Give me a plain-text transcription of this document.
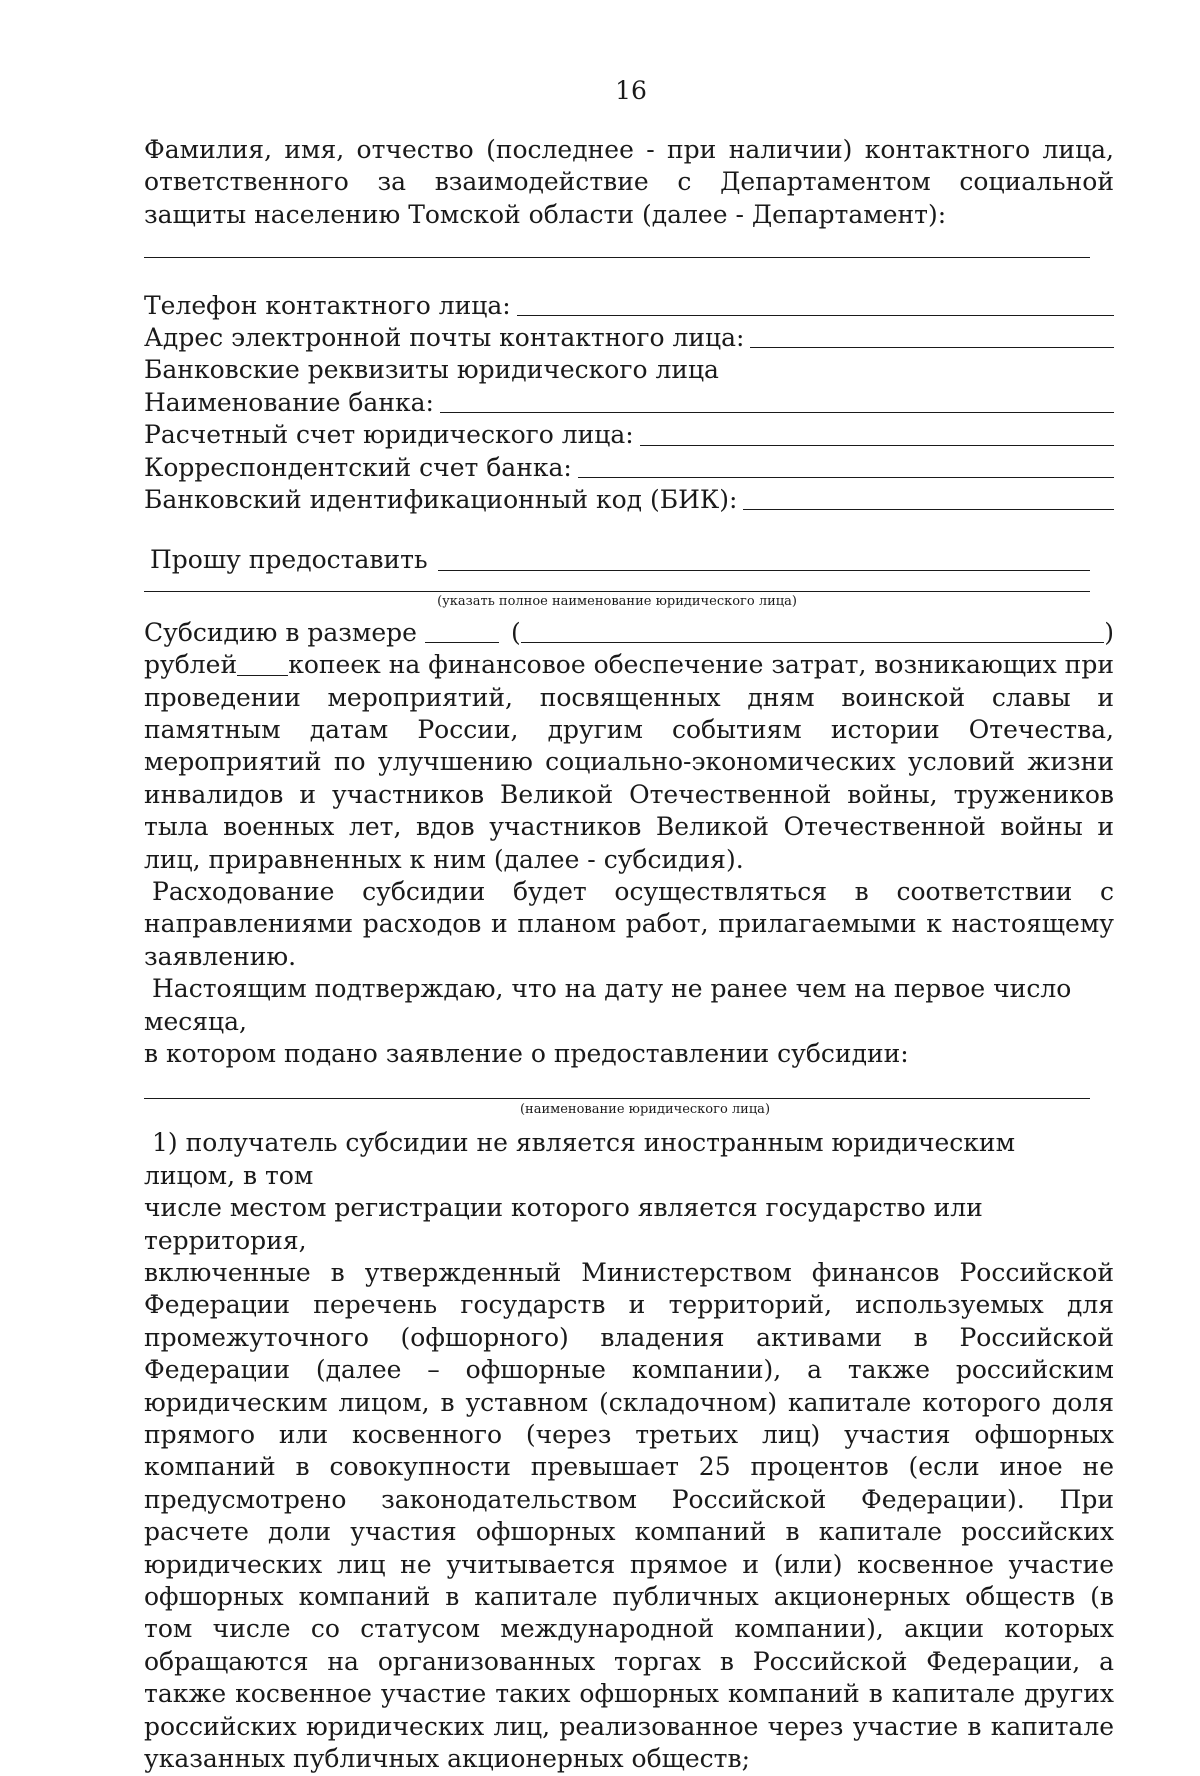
16

Фамилия, имя, отчество (последнее - при наличии) контактного лица, ответственного за взаимодействие с Департаментом социальной защиты населению Томской области (далее - Департамент):

Телефон контактного лица:
Адрес электронной почты контактного лица:
Банковские реквизиты юридического лица
Наименование банка:
Расчетный счет юридического лица:
Корреспондентский счет банка:
Банковский идентификационный код (БИК):
Прошу предоставить
(указать полное наименование юридического лица)
Субсидию в размере	(	)
рублей копеек на финансовое обеспечение затрат, возникающих при

проведении мероприятий, посвященных дням воинской славы и памятным датам России, другим событиям истории Отечества, мероприятий по улучшению социально-экономических условий жизни инвалидов и участников Великой Отечественной войны, тружеников тыла военных лет, вдов участников Великой Отечественной войны и лиц, приравненных к ним (далее - субсидия).

Расходование субсидии будет осуществляться в соответствии с направлениями расходов и планом работ, прилагаемыми к настоящему заявлению.

Настоящим подтверждаю, что на дату не ранее чем на первое число месяца,

в котором подано заявление о предоставлении субсидии:

(наименование юридического лица)

1) получатель субсидии не является иностранным юридическим лицом, в том

числе местом регистрации которого является государство или территория,

включенные в утвержденный Министерством финансов Российской Федерации перечень государств и территорий, используемых для промежуточного (офшорного) владения активами в Российской Федерации (далее – офшорные компании), а также российским юридическим лицом, в уставном (складочном) капитале которого доля прямого или косвенного (через третьих лиц) участия офшорных компаний в совокупности превышает 25 процентов (если иное не предусмотрено законодательством Российской Федерации). При расчете доли участия офшорных компаний в капитале российских юридических лиц не учитывается прямое и (или) косвенное участие офшорных компаний в капитале публичных акционерных обществ (в том числе со статусом международной компании), акции которых обращаются на организованных торгах в Российской Федерации, а также косвенное участие таких офшорных компаний в капитале других российских юридических лиц, реализованное через участие в капитале указанных публичных акционерных обществ;
